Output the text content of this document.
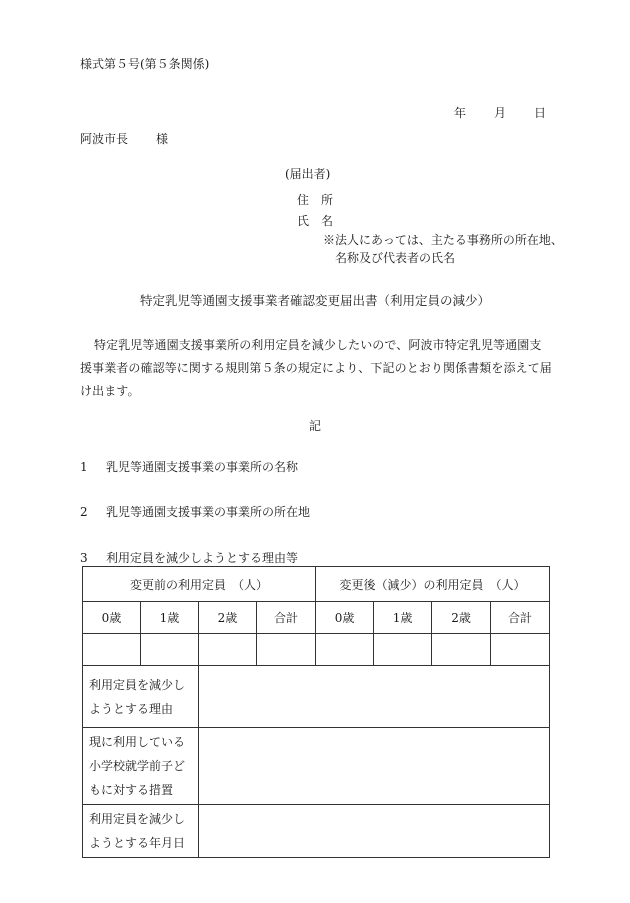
様式第５号(第５条関係)
年 月 日
阿波市長 様
(届出者)
住　所
氏　名
※法人にあっては、主たる事務所の所在地、
名称及び代表者の氏名
特定乳児等通園支援事業者確認変更届出書（利用定員の減少）
特定乳児等通園支援事業所の利用定員を減少したいので、阿波市特定乳児等通園支援事業者の確認等に関する規則第５条の規定により、下記のとおり関係書類を添えて届け出ます。
記
1 乳児等通園支援事業の事業所の名称
2 乳児等通園支援事業の事業所の所在地
3 利用定員を減少しようとする理由等
変更前の利用定員　（人）				変更後（減少）の利用定員　（人）			
0歳	1歳	2歳	合計	0歳	1歳	2歳	合計

利用定員を減少しようとする理由							
現に利用している小学校就学前子どもに対する措置							
利用定員を減少しようとする年月日							
